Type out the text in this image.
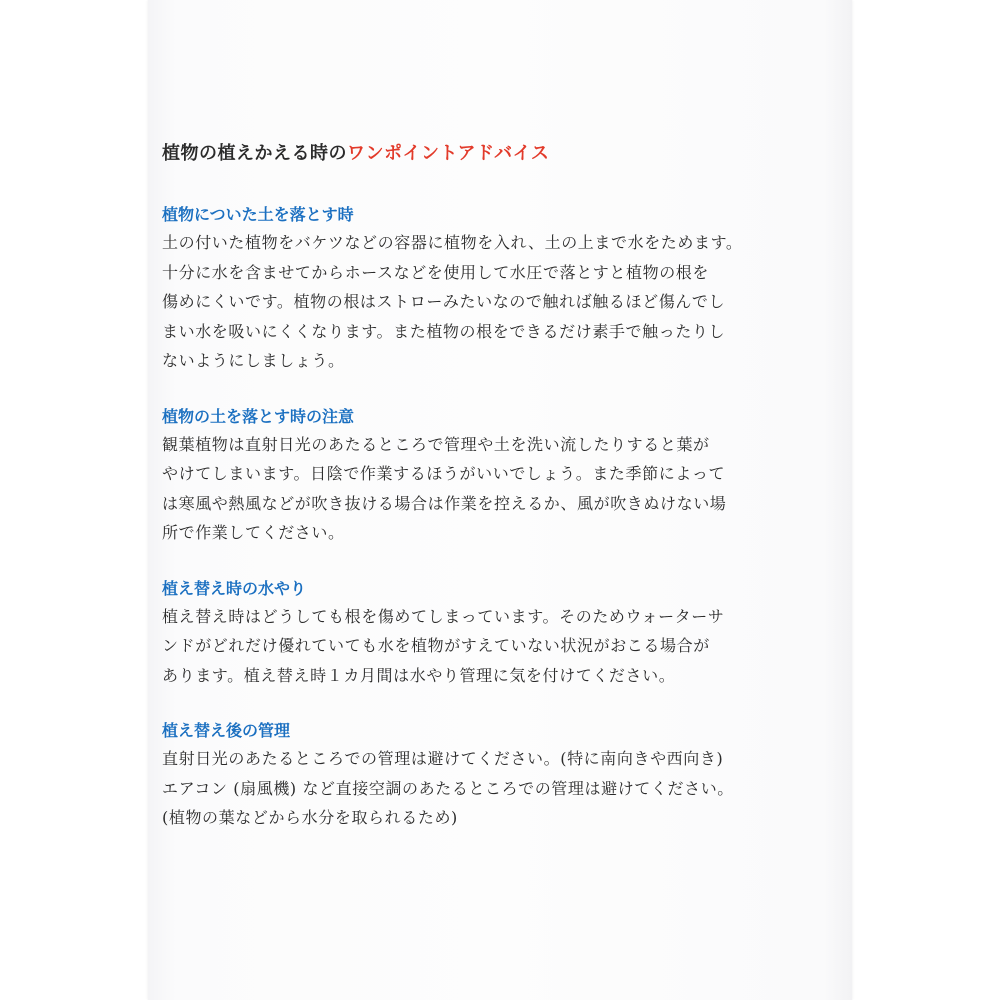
植物の植えかえる時のワンポイントアドバイス
植物についた土を落とす時

土の付いた植物をバケツなどの容器に植物を入れ、土の上まで水をためます。

十分に水を含ませてからホースなどを使用して水圧で落とすと植物の根を

傷めにくいです。植物の根はストローみたいなので触れば触るほど傷んでし

まい水を吸いにくくなります。また植物の根をできるだけ素手で触ったりし

ないようにしましょう。

植物の土を落とす時の注意

観葉植物は直射日光のあたるところで管理や土を洗い流したりすると葉が

やけてしまいます。日陰で作業するほうがいいでしょう。また季節によって

は寒風や熱風などが吹き抜ける場合は作業を控えるか、風が吹きぬけない場

所で作業してください。

植え替え時の水やり

植え替え時はどうしても根を傷めてしまっています。そのためウォーターサ

ンドがどれだけ優れていても水を植物がすえていない状況がおこる場合が

あります。植え替え時１カ月間は水やり管理に気を付けてください。

植え替え後の管理

直射日光のあたるところでの管理は避けてください。(特に南向きや西向き)

エアコン (扇風機) など直接空調のあたるところでの管理は避けてください。

(植物の葉などから水分を取られるため)
